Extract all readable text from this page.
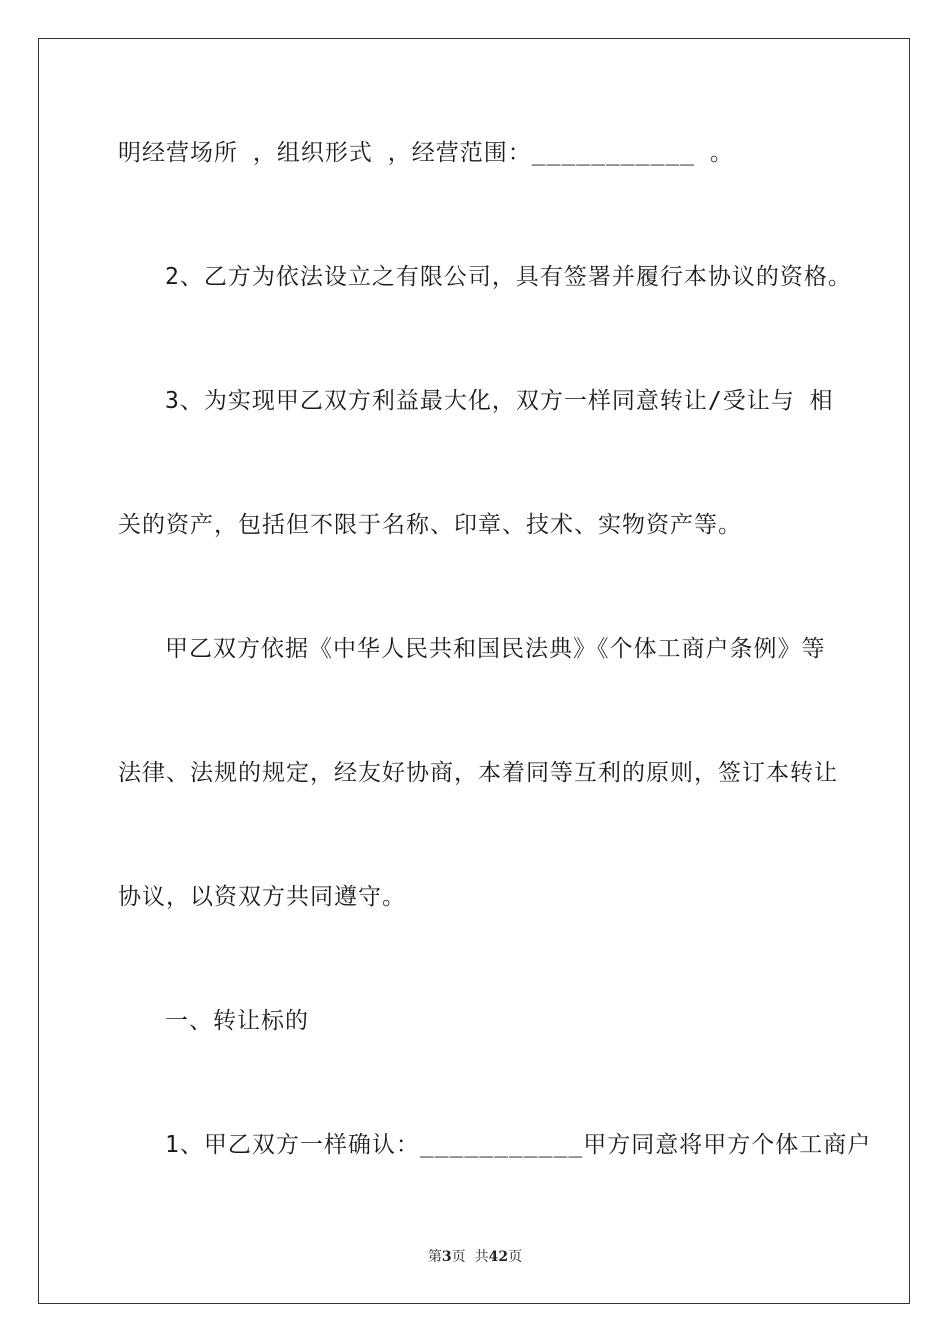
明经营场所 ，组织形式 ，经营范围：___________ 。
2、乙方为依法设立之有限公司，具有签署并履行本协议的资格。
3、为实现甲乙双方利益最大化，双方一样同意转让/受让与 相
关的资产，包括但不限于名称、印章、技术、实物资产等。
甲乙双方依据《中华人民共和国民法典》《个体工商户条例》等
法律、法规的规定，经友好协商，本着同等互利的原则，签订本转让
协议，以资双方共同遵守。
一、转让标的
1、甲乙双方一样确认：___________甲方同意将甲方个体工商户
第3页  共42页
